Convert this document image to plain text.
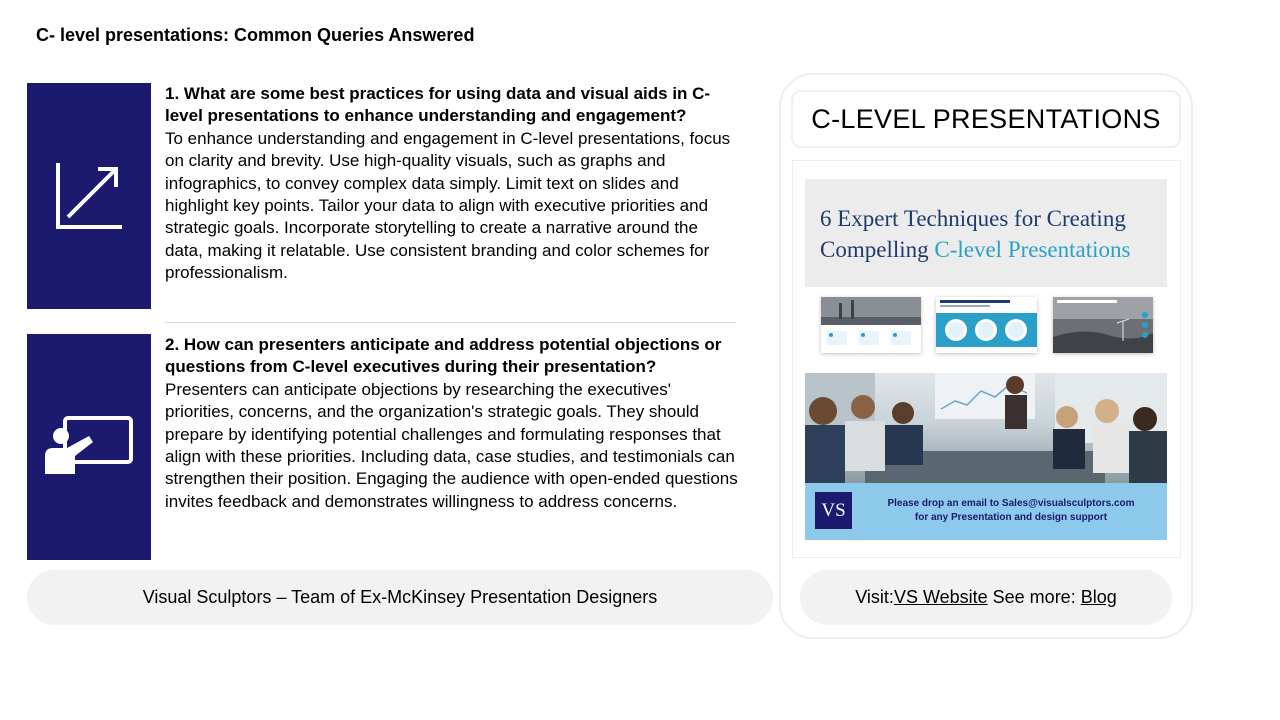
C- level presentations: Common Queries Answered
1. What are some best practices for using data and visual aids in C-level presentations to enhance understanding and engagement?
To enhance understanding and engagement in C-level presentations, focus on clarity and brevity. Use high-quality visuals, such as graphs and infographics, to convey complex data simply. Limit text on slides and highlight key points. Tailor your data to align with executive priorities and strategic goals. Incorporate storytelling to create a narrative around the data, making it relatable. Use consistent branding and color schemes for professionalism.
2. How can presenters anticipate and address potential objections or questions from C-level executives during their presentation?
Presenters can anticipate objections by researching the executives' priorities, concerns, and the organization's strategic goals. They should prepare by identifying potential challenges and formulating responses that align with these priorities. Including data, case studies, and testimonials can strengthen their position. Engaging the audience with open-ended questions invites feedback and demonstrates willingness to address concerns.
Visual Sculptors – Team of Ex-McKinsey Presentation Designers
C-LEVEL PRESENTATIONS
6 Expert Techniques for Creating
Compelling C-level Presentations
VS	Please drop an email to Sales@visualsculptors.com
for any Presentation and design support
Visit: VS Website See more: Blog
